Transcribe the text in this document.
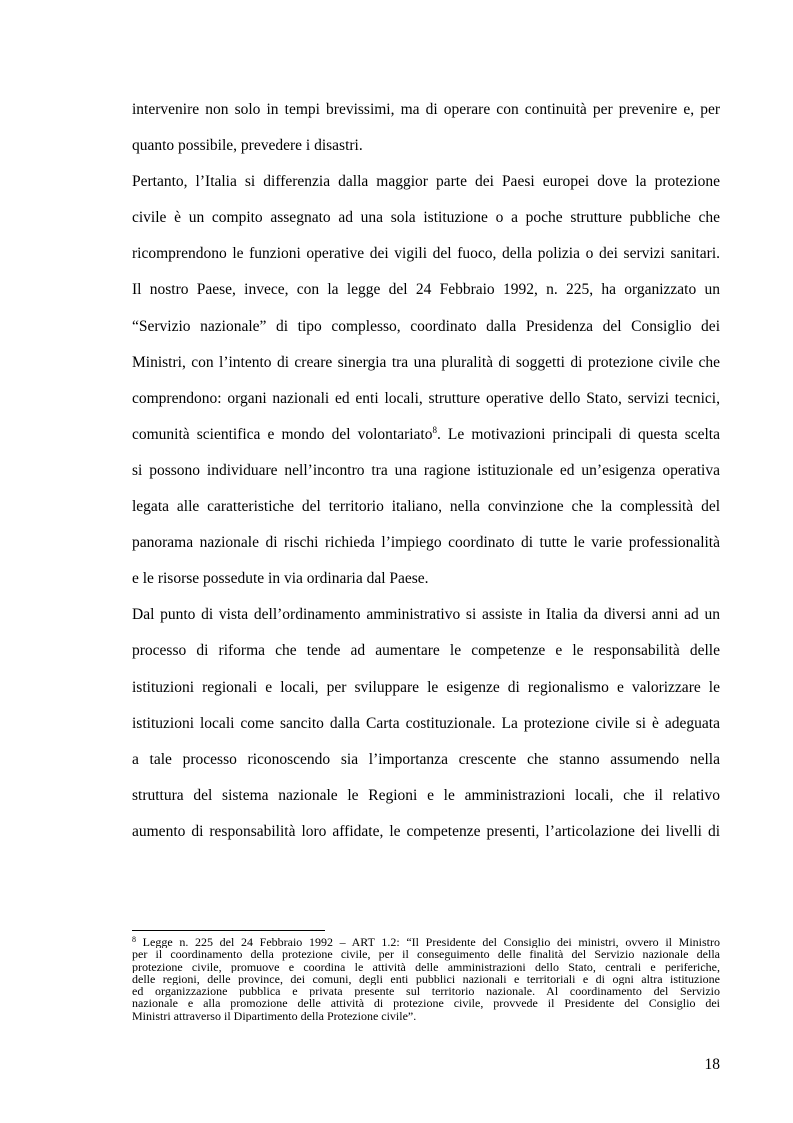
intervenire non solo in tempi brevissimi, ma di operare con continuità per prevenire e, per
quanto possibile, prevedere i disastri.
Pertanto, l’Italia si differenzia dalla maggior parte dei Paesi europei dove la protezione
civile è un compito assegnato ad una sola istituzione o a poche strutture pubbliche che
ricomprendono le funzioni operative dei vigili del fuoco, della polizia o dei servizi sanitari.
Il nostro Paese, invece, con la legge del 24 Febbraio 1992, n. 225, ha organizzato un
“Servizio nazionale” di tipo complesso, coordinato dalla Presidenza del Consiglio dei
Ministri, con l’intento di creare sinergia tra una pluralità di soggetti di protezione civile che
comprendono: organi nazionali ed enti locali, strutture operative dello Stato, servizi tecnici,
comunità scientifica e mondo del volontariato$^8$. Le motivazioni principali di questa scelta
si possono individuare nell’incontro tra una ragione istituzionale ed un’esigenza operativa
legata alle caratteristiche del territorio italiano, nella convinzione che la complessità del
panorama nazionale di rischi richieda l’impiego coordinato di tutte le varie professionalità
e le risorse possedute in via ordinaria dal Paese.
Dal punto di vista dell’ordinamento amministrativo si assiste in Italia da diversi anni ad un
processo di riforma che tende ad aumentare le competenze e le responsabilità delle
istituzioni regionali e locali, per sviluppare le esigenze di regionalismo e valorizzare le
istituzioni locali come sancito dalla Carta costituzionale. La protezione civile si è adeguata
a tale processo riconoscendo sia l’importanza crescente che stanno assumendo nella
struttura del sistema nazionale le Regioni e le amministrazioni locali, che il relativo
aumento di responsabilità loro affidate, le competenze presenti, l’articolazione dei livelli di
$^8$ Legge n. 225 del 24 Febbraio 1992 – ART 1.2: “Il Presidente del Consiglio dei ministri, ovvero il Ministro
per il coordinamento della protezione civile, per il conseguimento delle finalità del Servizio nazionale della
protezione civile, promuove e coordina le attività delle amministrazioni dello Stato, centrali e periferiche,
delle regioni, delle province, dei comuni, degli enti pubblici nazionali e territoriali e di ogni altra istituzione
ed organizzazione pubblica e privata presente sul territorio nazionale. Al coordinamento del Servizio
nazionale e alla promozione delle attività di protezione civile, provvede il Presidente del Consiglio dei
Ministri attraverso il Dipartimento della Protezione civile”.
18
